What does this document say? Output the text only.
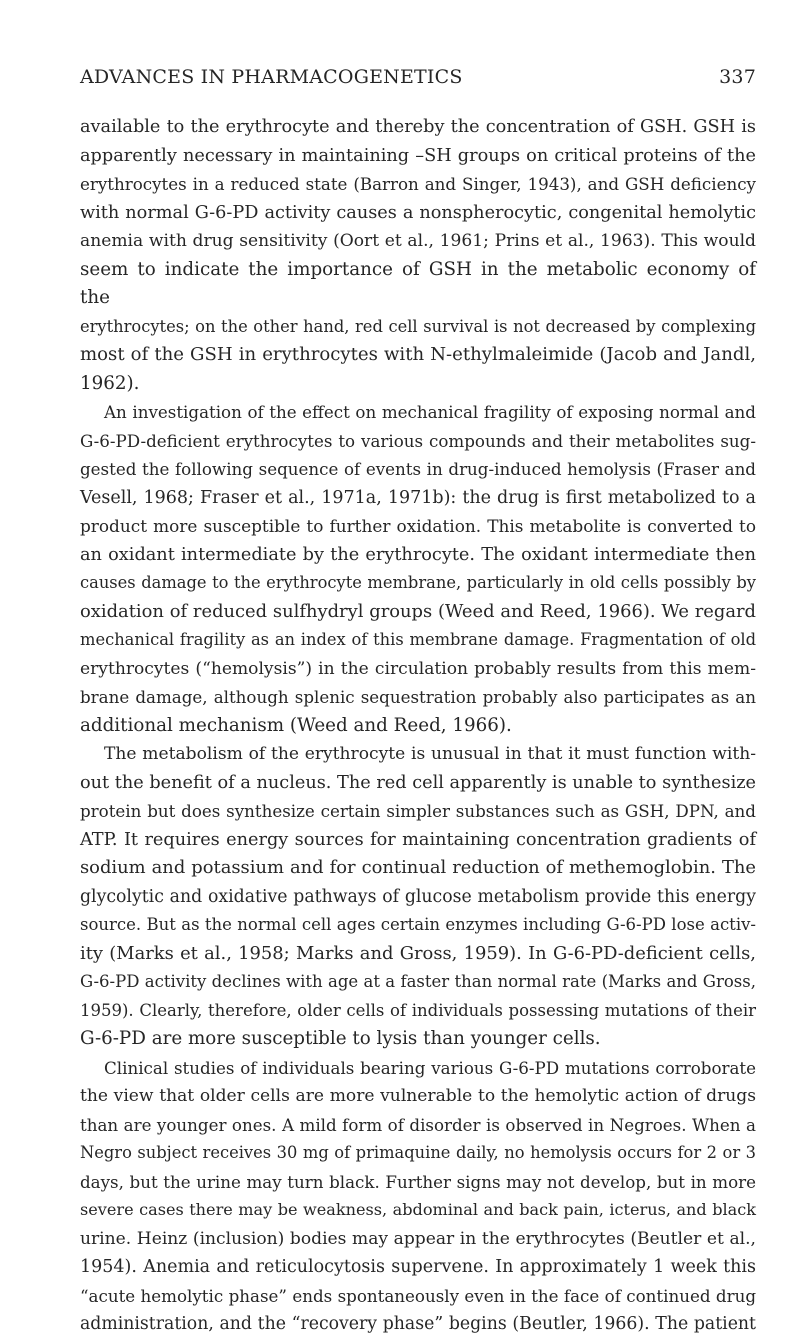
ADVANCES IN PHARMACOGENETICS	337
available to the erythrocyte and thereby the concentration of GSH. GSH is
apparently necessary in maintaining –SH groups on critical proteins of the
erythrocytes in a reduced state (Barron and Singer, 1943), and GSH deficiency
with normal G-6-PD activity causes a nonspherocytic, congenital hemolytic
anemia with drug sensitivity (Oort et al., 1961; Prins et al., 1963). This would
seem to indicate the importance of GSH in the metabolic economy of the
erythrocytes; on the other hand, red cell survival is not decreased by complexing
most of the GSH in erythrocytes with N-ethylmaleimide (Jacob and Jandl,
1962).
An investigation of the effect on mechanical fragility of exposing normal and
G-6-PD-deficient erythrocytes to various compounds and their metabolites sug-
gested the following sequence of events in drug-induced hemolysis (Fraser and
Vesell, 1968; Fraser et al., 1971a, 1971b): the drug is first metabolized to a
product more susceptible to further oxidation. This metabolite is converted to
an oxidant intermediate by the erythrocyte. The oxidant intermediate then
causes damage to the erythrocyte membrane, particularly in old cells possibly by
oxidation of reduced sulfhydryl groups (Weed and Reed, 1966). We regard
mechanical fragility as an index of this membrane damage. Fragmentation of old
erythrocytes (“hemolysis”) in the circulation probably results from this mem-
brane damage, although splenic sequestration probably also participates as an
additional mechanism (Weed and Reed, 1966).
The metabolism of the erythrocyte is unusual in that it must function with-
out the benefit of a nucleus. The red cell apparently is unable to synthesize
protein but does synthesize certain simpler substances such as GSH, DPN, and
ATP. It requires energy sources for maintaining concentration gradients of
sodium and potassium and for continual reduction of methemoglobin. The
glycolytic and oxidative pathways of glucose metabolism provide this energy
source. But as the normal cell ages certain enzymes including G-6-PD lose activ-
ity (Marks et al., 1958; Marks and Gross, 1959). In G-6-PD-deficient cells,
G-6-PD activity declines with age at a faster than normal rate (Marks and Gross,
1959). Clearly, therefore, older cells of individuals possessing mutations of their
G-6-PD are more susceptible to lysis than younger cells.
Clinical studies of individuals bearing various G-6-PD mutations corroborate
the view that older cells are more vulnerable to the hemolytic action of drugs
than are younger ones. A mild form of disorder is observed in Negroes. When a
Negro subject receives 30 mg of primaquine daily, no hemolysis occurs for 2 or 3
days, but the urine may turn black. Further signs may not develop, but in more
severe cases there may be weakness, abdominal and back pain, icterus, and black
urine. Heinz (inclusion) bodies may appear in the erythrocytes (Beutler et al.,
1954). Anemia and reticulocytosis supervene. In approximately 1 week this
“acute hemolytic phase” ends spontaneously even in the face of continued drug
administration, and the “recovery phase” begins (Beutler, 1966). The patient
